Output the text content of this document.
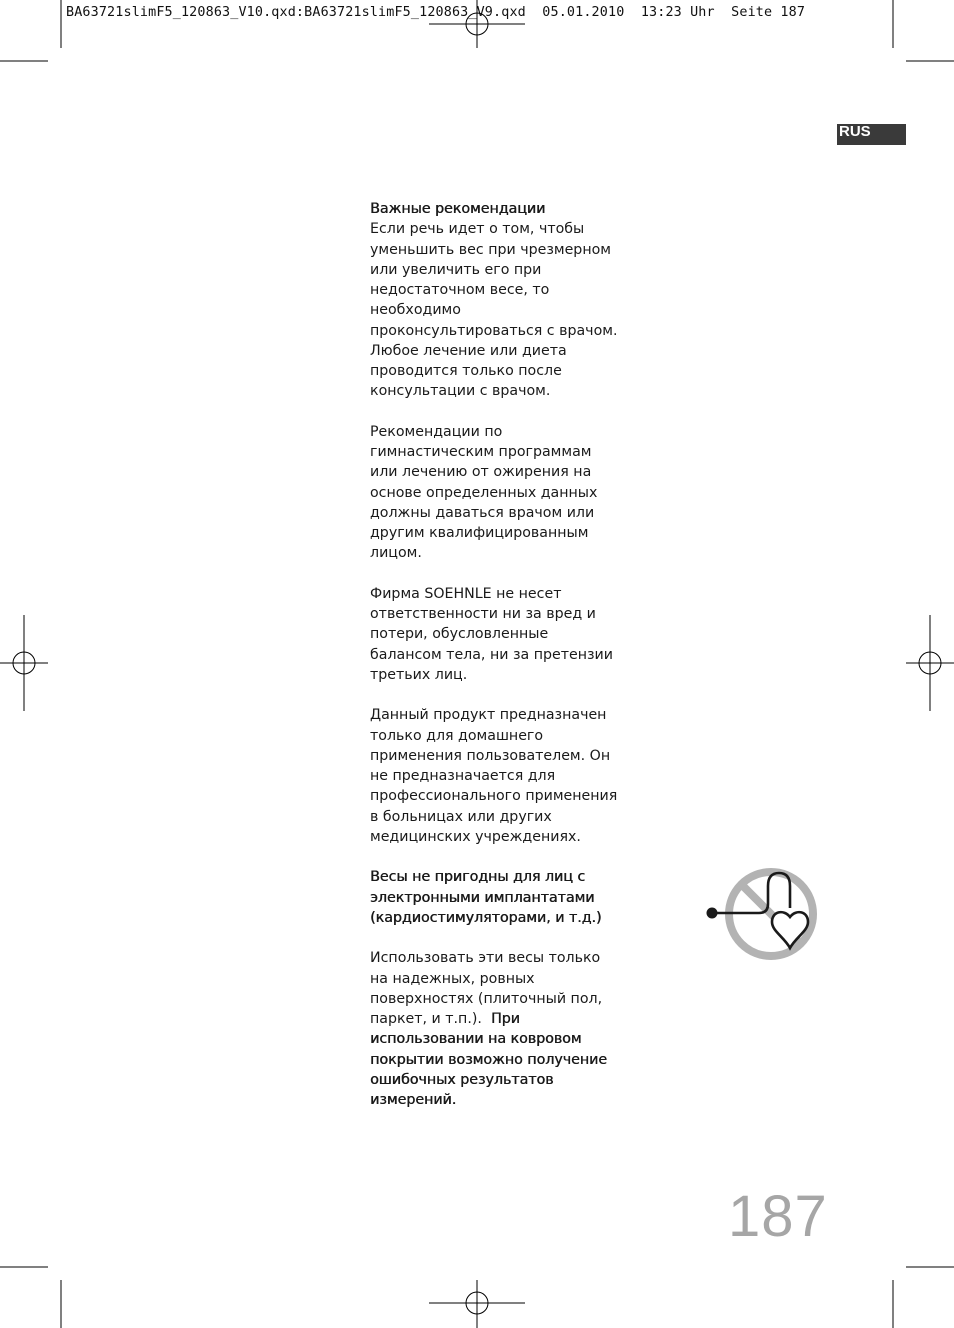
BA63721slimF5_120863_V10.qxd:BA63721slimF5_120863_V9.qxd  05.01.2010  13:23 Uhr  Seite 187
RUS
Важные рекомендации

Если речь идет о том, чтобы уменьшить вес при чрезмерном или увеличить его при недостаточном весе, то необходимо проконсультироваться с врачом. Любое лечение или диета проводится только после консультации с врачом.

Рекомендации по гимнастическим программам или лечению от ожирения на основе определенных данных должны даваться врачом или другим квалифицированным лицом.

Фирма SOEHNLE не несет ответственности ни за вред и потери, обусловленные балансом тела, ни за претензии третьих лиц.

Данный продукт предназначен только для домашнего применения пользователем. Он не предназначается для профессионального применения в больницах или других медицинских учреждениях.

Весы не пригодны для лиц с электронными имплантатами (кардиостимуляторами, и т.д.)

Использовать эти весы только на надежных, ровных поверхностях (плиточный пол, паркет, и т.п.). При использовании на ковровом покрытии возможно получение ошибочных результатов измерений.

187
